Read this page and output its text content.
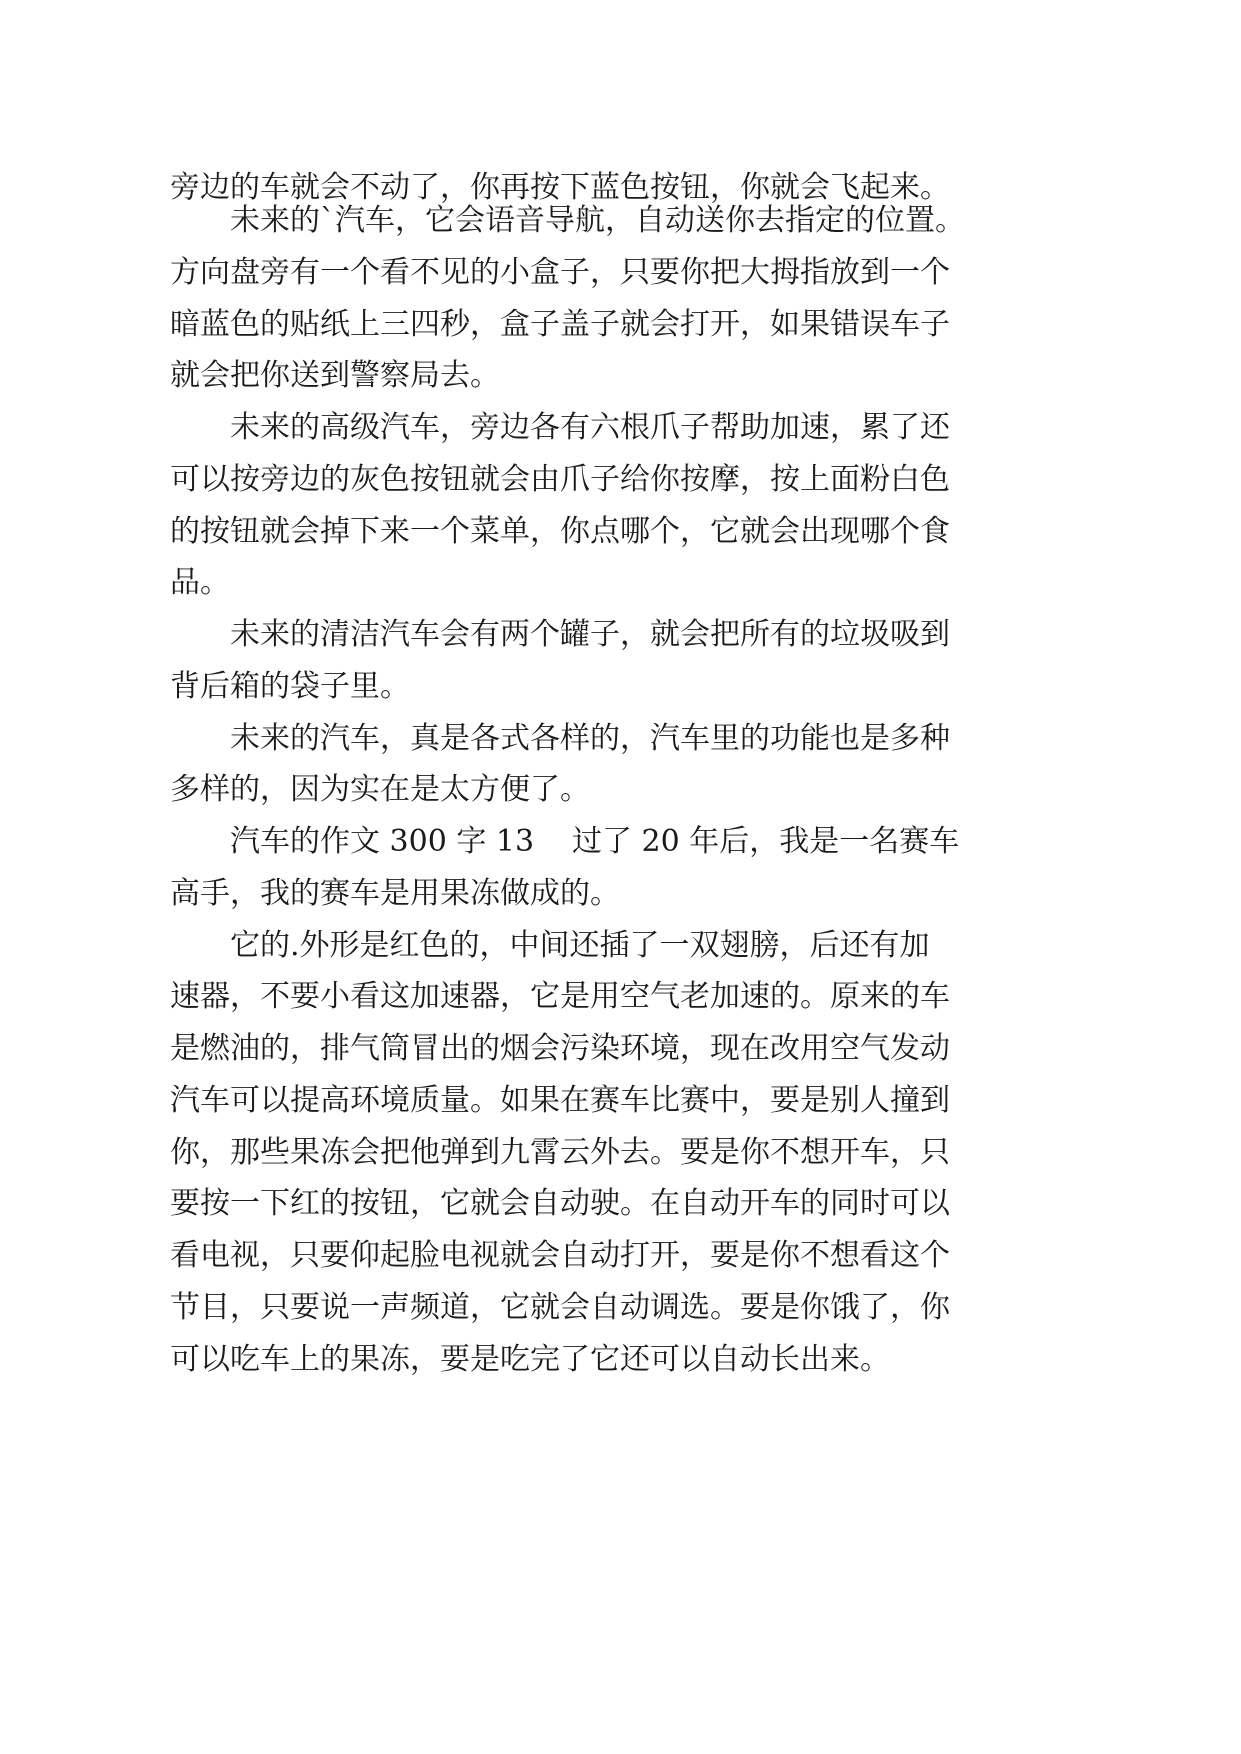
旁边的车就会不动了，你再按下蓝色按钮，你就会飞起来。

未来的`汽车，它会语音导航，自动送你去指定的位置。

方向盘旁有一个看不见的小盒子，只要你把大拇指放到一个

暗蓝色的贴纸上三四秒，盒子盖子就会打开，如果错误车子

就会把你送到警察局去。

未来的高级汽车，旁边各有六根爪子帮助加速，累了还

可以按旁边的灰色按钮就会由爪子给你按摩，按上面粉白色

的按钮就会掉下来一个菜单，你点哪个，它就会出现哪个食

品。

未来的清洁汽车会有两个罐子，就会把所有的垃圾吸到

背后箱的袋子里。

未来的汽车，真是各式各样的，汽车里的功能也是多种

多样的，因为实在是太方便了。

汽车的作文 300 字 13 过了 20 年后，我是一名赛车

高手，我的赛车是用果冻做成的。

它的.外形是红色的，中间还插了一双翅膀，后还有加

速器，不要小看这加速器，它是用空气老加速的。原来的车

是燃油的，排气筒冒出的烟会污染环境，现在改用空气发动

汽车可以提高环境质量。如果在赛车比赛中，要是别人撞到

你，那些果冻会把他弹到九霄云外去。要是你不想开车，只

要按一下红的按钮，它就会自动驶。在自动开车的同时可以

看电视，只要仰起脸电视就会自动打开，要是你不想看这个

节目，只要说一声频道，它就会自动调选。要是你饿了，你

可以吃车上的果冻，要是吃完了它还可以自动长出来。
